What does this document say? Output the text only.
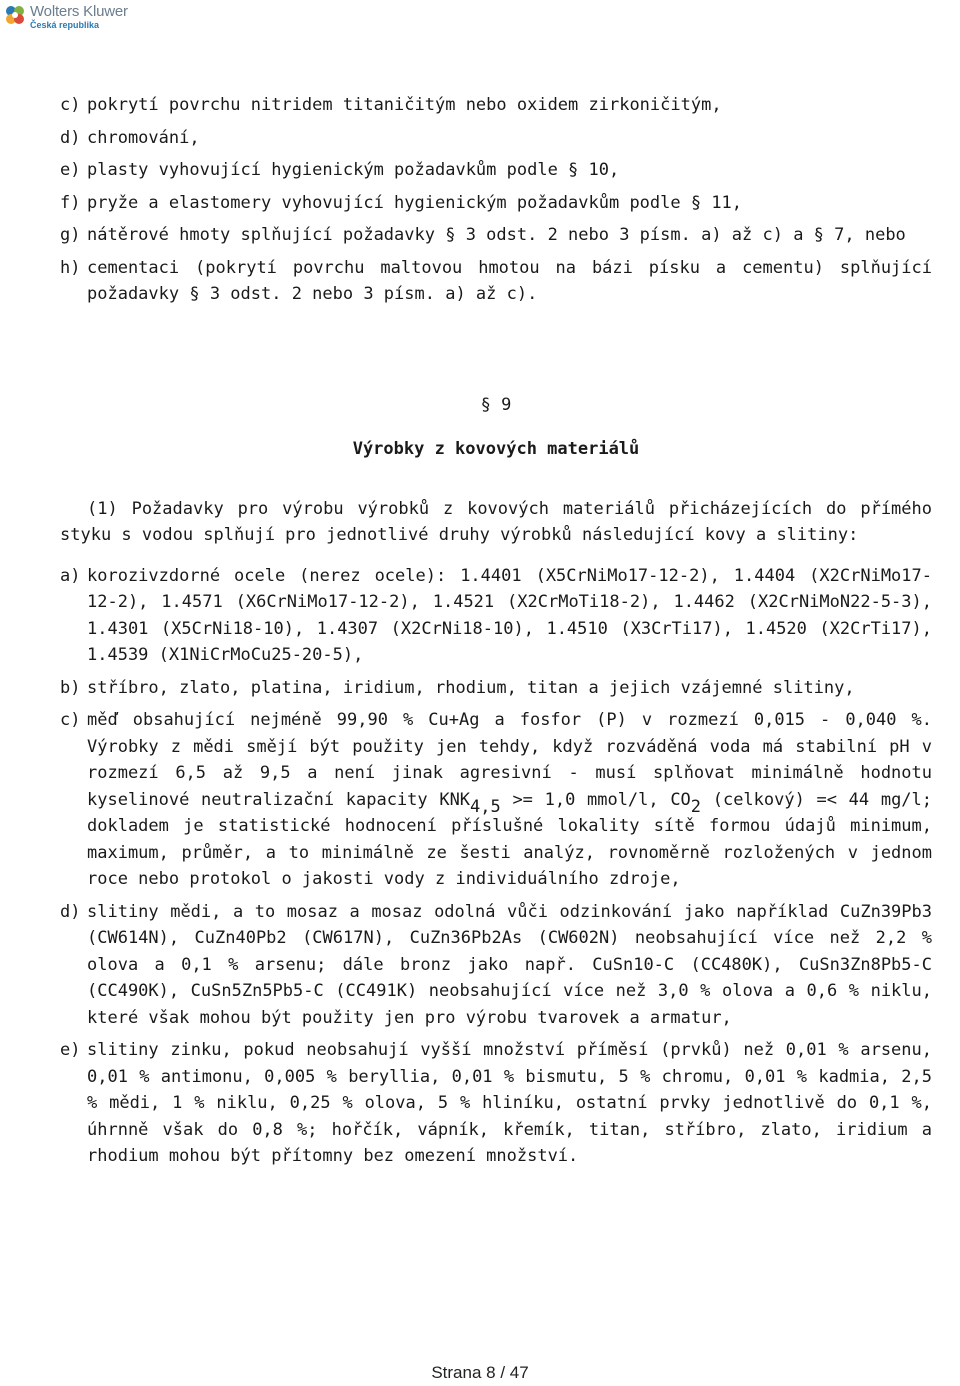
Wolters Kluwer
Česká republika
c) pokrytí povrchu nitridem titaničitým nebo oxidem zirkoničitým,
d) chromování,
e) plasty vyhovující hygienickým požadavkům podle § 10,
f) pryže a elastomery vyhovující hygienickým požadavkům podle § 11,
g) nátěrové hmoty splňující požadavky § 3 odst. 2 nebo 3 písm. a) až c) a § 7, nebo
h) cementaci (pokrytí povrchu maltovou hmotou na bázi písku a cementu) splňující požadavky § 3 odst. 2 nebo 3 písm. a) až c).
§ 9
Výrobky z kovových materiálů
(1) Požadavky pro výrobu výrobků z kovových materiálů přicházejících do přímého styku s vodou splňují pro jednotlivé druhy výrobků následující kovy a slitiny:
a) korozivzdorné ocele (nerez ocele): 1.4401 (X5CrNiMo17-12-2), 1.4404 (X2CrNiMo17-12-2), 1.4571 (X6CrNiMo17-12-2), 1.4521 (X2CrMoTi18-2), 1.4462 (X2CrNiMoN22-5-3), 1.4301 (X5CrNi18-10), 1.4307 (X2CrNi18-10), 1.4510 (X3CrTi17), 1.4520 (X2CrTi17), 1.4539 (X1NiCrMoCu25-20-5),
b) stříbro, zlato, platina, iridium, rhodium, titan a jejich vzájemné slitiny,
c) měď obsahující nejméně 99,90 % Cu+Ag a fosfor (P) v rozmezí 0,015 - 0,040 %. Výrobky z mědi smějí být použity jen tehdy, když rozváděná voda má stabilní pH v rozmezí 6,5 až 9,5 a není jinak agresivní - musí splňovat minimálně hodnotu kyselinové neutralizační kapacity $KNK_{4,5} >= 1,0$ mmol/l, $CO_2$ (celkový) =< 44 mg/l; dokladem je statistické hodnocení příslušné lokality sítě formou údajů minimum, maximum, průměr, a to minimálně ze šesti analýz, rovnoměrně rozložených v jednom roce nebo protokol o jakosti vody z individuálního zdroje,
d) slitiny mědi, a to mosaz a mosaz odolná vůči odzinkování jako například CuZn39Pb3 (CW614N), CuZn40Pb2 (CW617N), CuZn36Pb2As (CW602N) neobsahující více než 2,2 % olova a 0,1 % arsenu; dále bronz jako např. CuSn10-C (CC480K), CuSn3Zn8Pb5-C (CC490K), CuSn5Zn5Pb5-C (CC491K) neobsahující více než 3,0 % olova a 0,6 % niklu, které však mohou být použity jen pro výrobu tvarovek a armatur,
e) slitiny zinku, pokud neobsahují vyšší množství příměsí (prvků) než 0,01 % arsenu, 0,01 % antimonu, 0,005 % beryllia, 0,01 % bismutu, 5 % chromu, 0,01 % kadmia, 2,5 % mědi, 1 % niklu, 0,25 % olova, 5 % hliníku, ostatní prvky jednotlivě do 0,1 %, úhrnně však do 0,8 %; hořčík, vápník, křemík, titan, stříbro, zlato, iridium a rhodium mohou být přítomny bez omezení množství.
Strana 8 / 47
